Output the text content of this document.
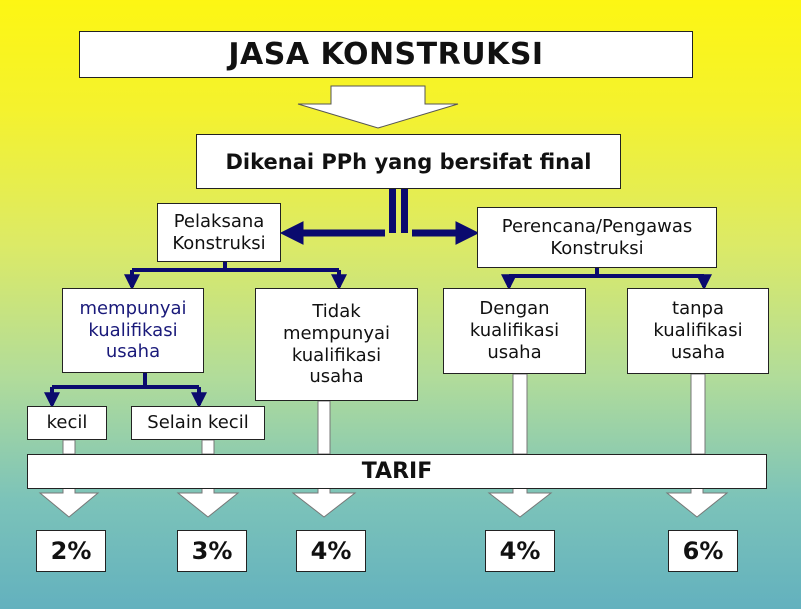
JASA KONSTRUKSI
Dikenai PPh yang bersifat final
Pelaksana
Konstruksi
Perencana/Pengawas
Konstruksi
mempunyai
kualifikasi
usaha
Tidak
mempunyai
kualifikasi
usaha
Dengan
kualifikasi
usaha
tanpa
kualifikasi
usaha
kecil	Selain kecil
TARIF
2%	3%	4%	4%	6%
